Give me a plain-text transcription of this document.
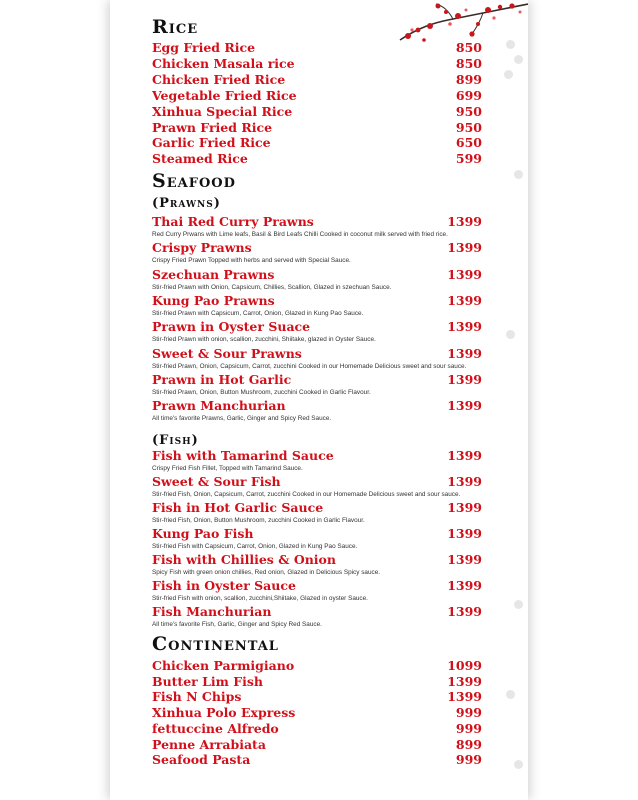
Rice
Egg Fried Rice	850
Chicken Masala rice	850
Chicken Fried Rice	899
Vegetable Fried Rice	699
Xinhua Special Rice	950
Prawn Fried Rice	950
Garlic Fried Rice	650
Steamed Rice	599
Seafood
(Prawns)
Thai Red Curry Prawns	1399
Red Curry Prwans with Lime leafs, Basil & Bird Leafs Chilli Cooked in coconut milk served with fried rice.
Crispy Prawns	1399
Crispy Fried Prawn Topped with herbs and served with Special Sauce.
Szechuan Prawns	1399
Stir-fried Prawn with Onion, Capsicum, Chillies, Scallion, Glazed in szechuan Sauce.
Kung Pao Prawns	1399
Stir-fried Prawn with Capsicum, Carrot, Onion, Glazed in Kung Pao Sauce.
Prawn in Oyster Suace	1399
Stir-fried Prawn with onion, scallion, zucchini, Shiitake, glazed in Oyster Sauce.
Sweet & Sour Prawns	1399
Stir-fried Prawn, Onion, Capsicum, Carrot, zucchini Cooked in our Homemade Delicious sweet and sour sauce.
Prawn in Hot Garlic	1399
Stir-fried Prawn, Onion, Button Mushroom, zucchini Cooked in Garlic Flavour.
Prawn Manchurian	1399
All time's favorite Prawns, Garlic, Ginger and Spicy Red Sauce.
(Fish)
Fish with Tamarind Sauce	1399
Crispy Fried Fish Fillet, Topped with Tamarind Sauce.
Sweet & Sour Fish	1399
Stir-fried Fish, Onion, Capsicum, Carrot, zucchini Cooked in our Homemade Delicious sweet and sour sauce.
Fish in Hot Garlic Sauce	1399
Stir-fried Fish, Onion, Button Mushroom, zucchini Cooked in Garlic Flavour.
Kung Pao Fish	1399
Stir-fried Fish with Capsicum, Carrot, Onion, Glazed in Kung Pao Sauce.
Fish with Chillies & Onion	1399
Spicy Fish with green onion chillies, Red onion, Glazed in Delicious Spicy sauce.
Fish in Oyster Sauce	1399
Stir-fried Fish with onion, scallion, zucchini,Shiitake, Glazed in oyster Sauce.
Fish Manchurian	1399
All time's favorite Fish, Garlic, Ginger and Spicy Red Sauce.
Continental
Chicken Parmigiano	1099
Butter Lim Fish	1399
Fish N Chips	1399
Xinhua Polo Express	999
fettuccine Alfredo	999
Penne Arrabiata	899
Seafood Pasta	999
